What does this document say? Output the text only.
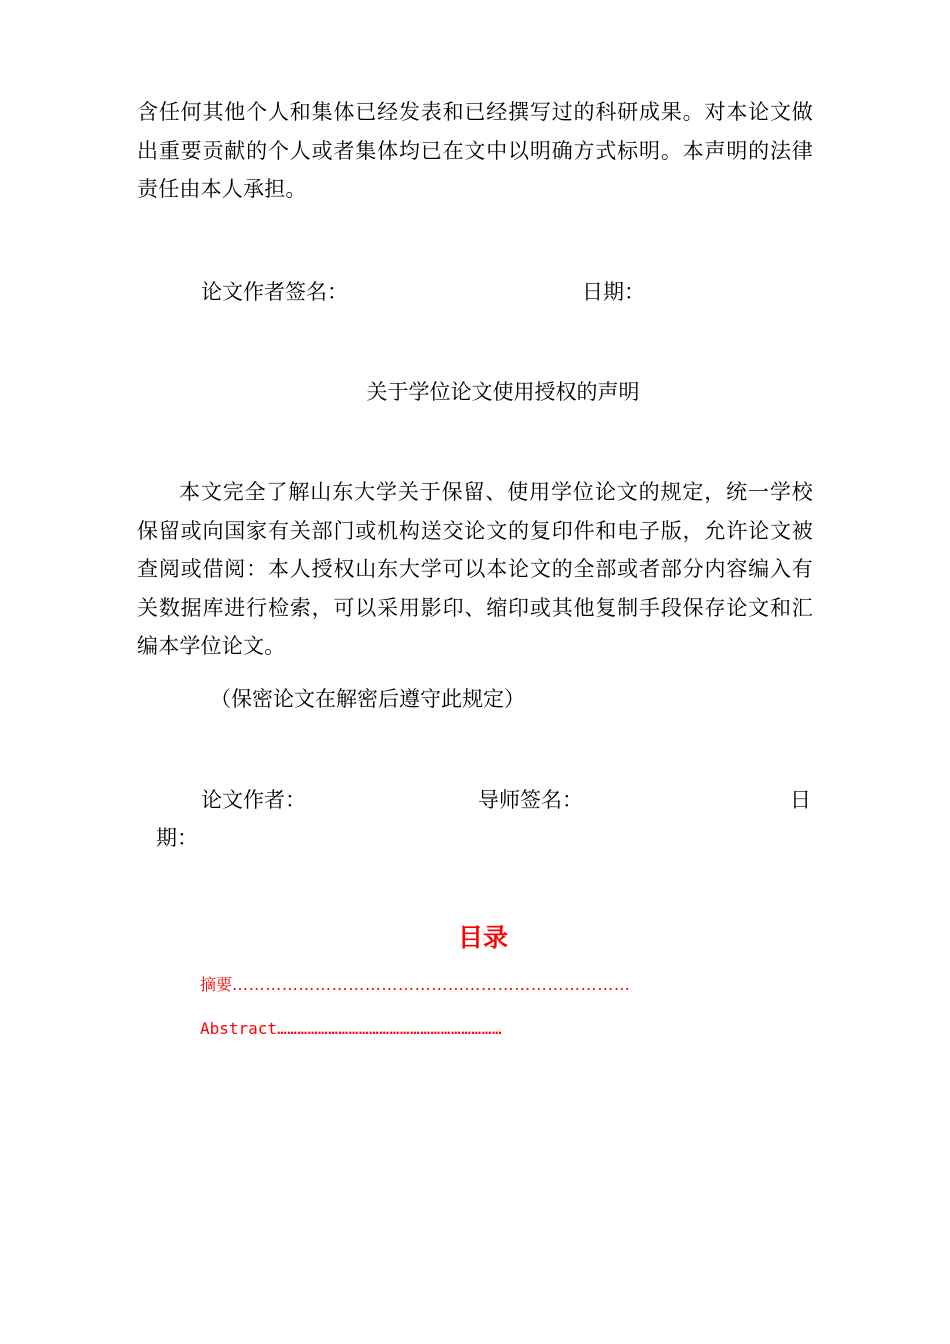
含任何其他个人和集体已经发表和已经撰写过的科研成果。对本论文做出重要贡献的个人或者集体均已在文中以明确方式标明。本声明的法律责任由本人承担。

论文作者签名：	日期：
关于学位论文使用授权的声明

本文完全了解山东大学关于保留、使用学位论文的规定，统一学校保留或向国家有关部门或机构送交论文的复印件和电子版，允许论文被查阅或借阅：本人授权山东大学可以本论文的全部或者部分内容编入有关数据库进行检索，可以采用影印、缩印或其他复制手段保存论文和汇编本学位论文。

（保密论文在解密后遵守此规定）
论文作者：	导师签名：	日
期：
目录
摘要………………………………………………………………
Abstract…………………………………………………………
